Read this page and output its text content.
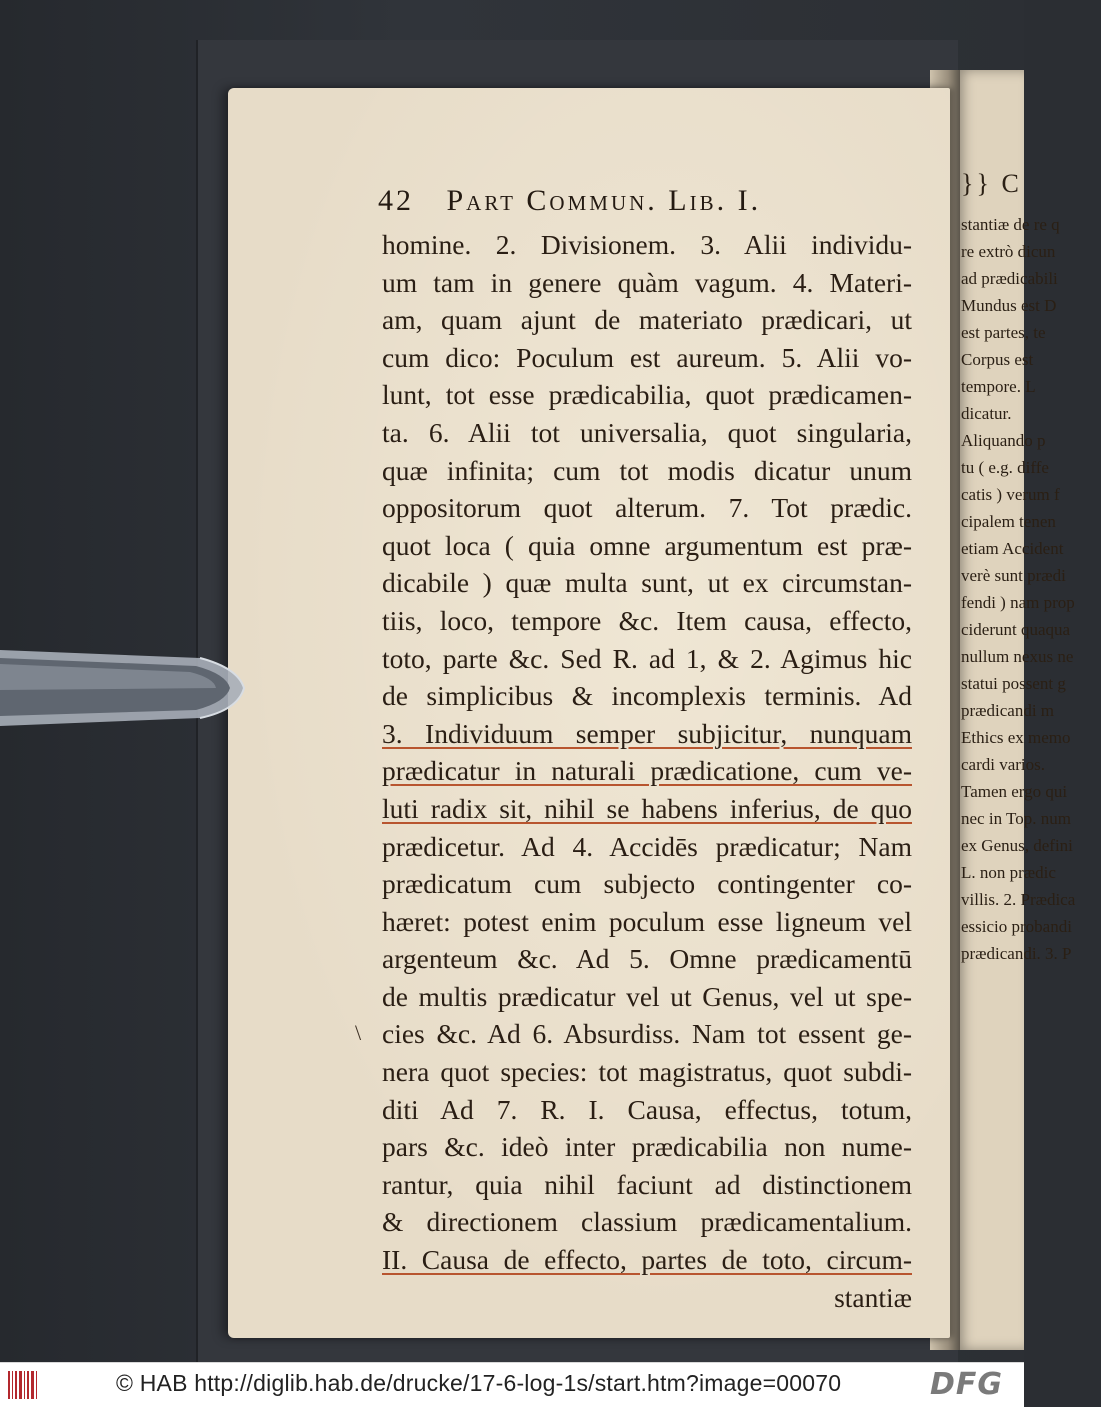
}} C
stantiæ de re q
re extrò dicun
ad prædicabili
Mundus est D
est partes, te
Corpus est
tempore. L
dicatur.
Aliquando p
tu ( e.g. diffe
catis ) verum f
cipalem tenen
etiam Accident
verè sunt prædi
fendi ) nam prop
ciderunt quaqua
nullum nexus ne
statui possent g
prædicandi m
Ethics ex memo
cardi varios.
Tamen ergo qui
nec in Top. num
ex Genus, defini
L. non prædic
villis. 2. Prædica
essicio probandi
prædicandi. 3. P
42 Part Commun. Lib. I.
homine. 2. Divisionem. 3. Alii individu-
um tam in genere quàm vagum. 4. Materi-
am, quam ajunt de materiato prædicari, ut
cum dico: Poculum est aureum. 5. Alii vo-
lunt, tot esse prædicabilia, quot prædicamen-
ta. 6. Alii tot universalia, quot singularia,
quæ infinita; cum tot modis dicatur unum
oppositorum quot alterum. 7. Tot prædic.
quot loca ( quia omne argumentum est præ-
dicabile ) quæ multa sunt, ut ex circumstan-
tiis, loco, tempore &c. Item causa, effecto,
toto, parte &c. Sed R. ad 1, & 2. Agimus hic
de simplicibus & incomplexis terminis. Ad
3. Individuum semper subjicitur, nunquam
prædicatur in naturali prædicatione, cum ve-
luti radix sit, nihil se habens inferius, de quo
prædicetur. Ad 4. Accidēs prædicatur; Nam
prædicatum cum subjecto contingenter co-
hæret: potest enim poculum esse ligneum vel
argenteum &c. Ad 5. Omne prædicamentū
de multis prædicatur vel ut Genus, vel ut spe-
cies &c. Ad 6. Absurdiss. Nam tot essent ge-
nera quot species: tot magistratus, quot subdi-
diti Ad 7. R. I. Causa, effectus, totum,
pars &c. ideò inter prædicabilia non nume-
rantur, quia nihil faciunt ad distinctionem
& directionem classium prædicamentalium.
II. Causa de effecto, partes de toto, circum-
stantiæ
\
© HAB http://diglib.hab.de/drucke/17-6-log-1s/start.htm?image=00070	DFG
